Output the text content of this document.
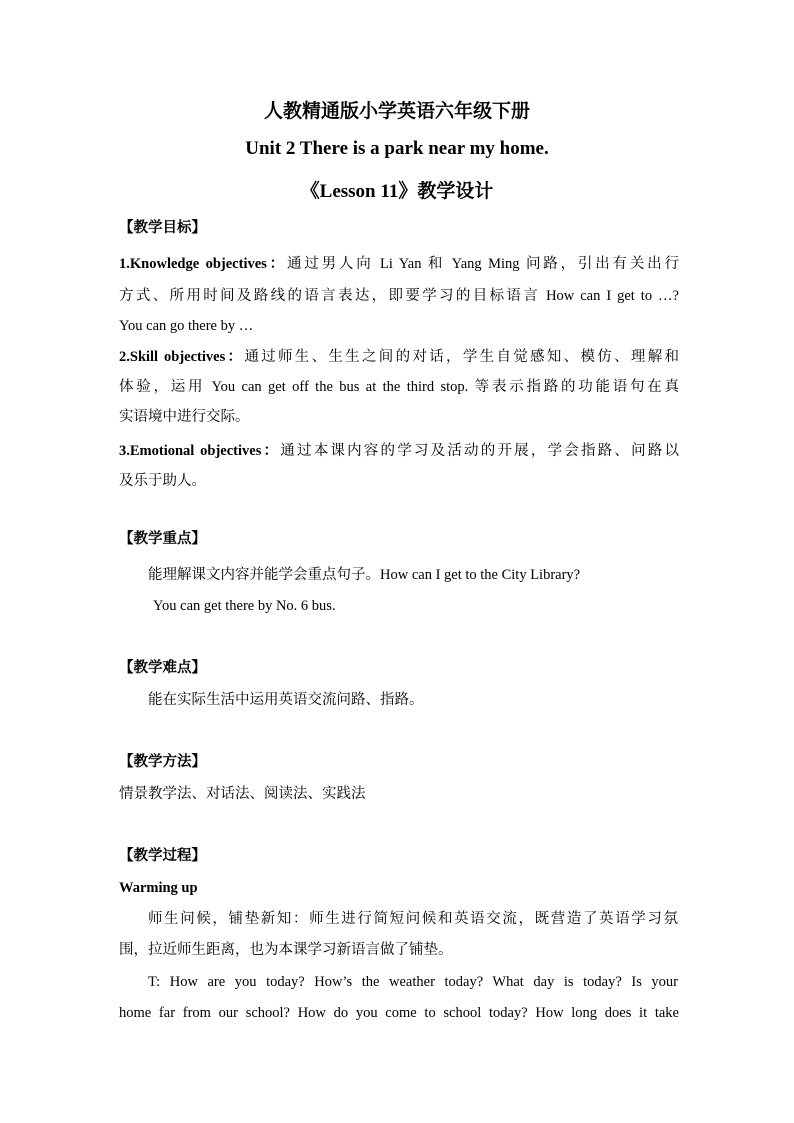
人教精通版小学英语六年级下册
Unit 2 There is a park near my home.
《Lesson 11》教学设计
【教学目标】
1.Knowledge objectives：通过男人向 Li Yan 和 Yang Ming 问路，引出有关出行
方式、所用时间及路线的语言表达，即要学习的目标语言 How can I get to …?
You can go there by …
2.Skill objectives：通过师生、生生之间的对话，学生自觉感知、模仿、理解和
体验，运用 You can get off the bus at the third stop. 等表示指路的功能语句在真
实语境中进行交际。
3.Emotional objectives：通过本课内容的学习及活动的开展，学会指路、问路以
及乐于助人。
【教学重点】
能理解课文内容并能学会重点句子。How can I get to the City Library?
You can get there by No. 6 bus.
【教学难点】
能在实际生活中运用英语交流问路、指路。
【教学方法】
情景教学法、对话法、阅读法、实践法
【教学过程】
Warming up
师生问候，铺垫新知：师生进行简短问候和英语交流，既营造了英语学习氛
围，拉近师生距离，也为本课学习新语言做了铺垫。
T: How are you today? How’s the weather today? What day is today? Is your
home far from our school? How do you come to school today? How long does it take
